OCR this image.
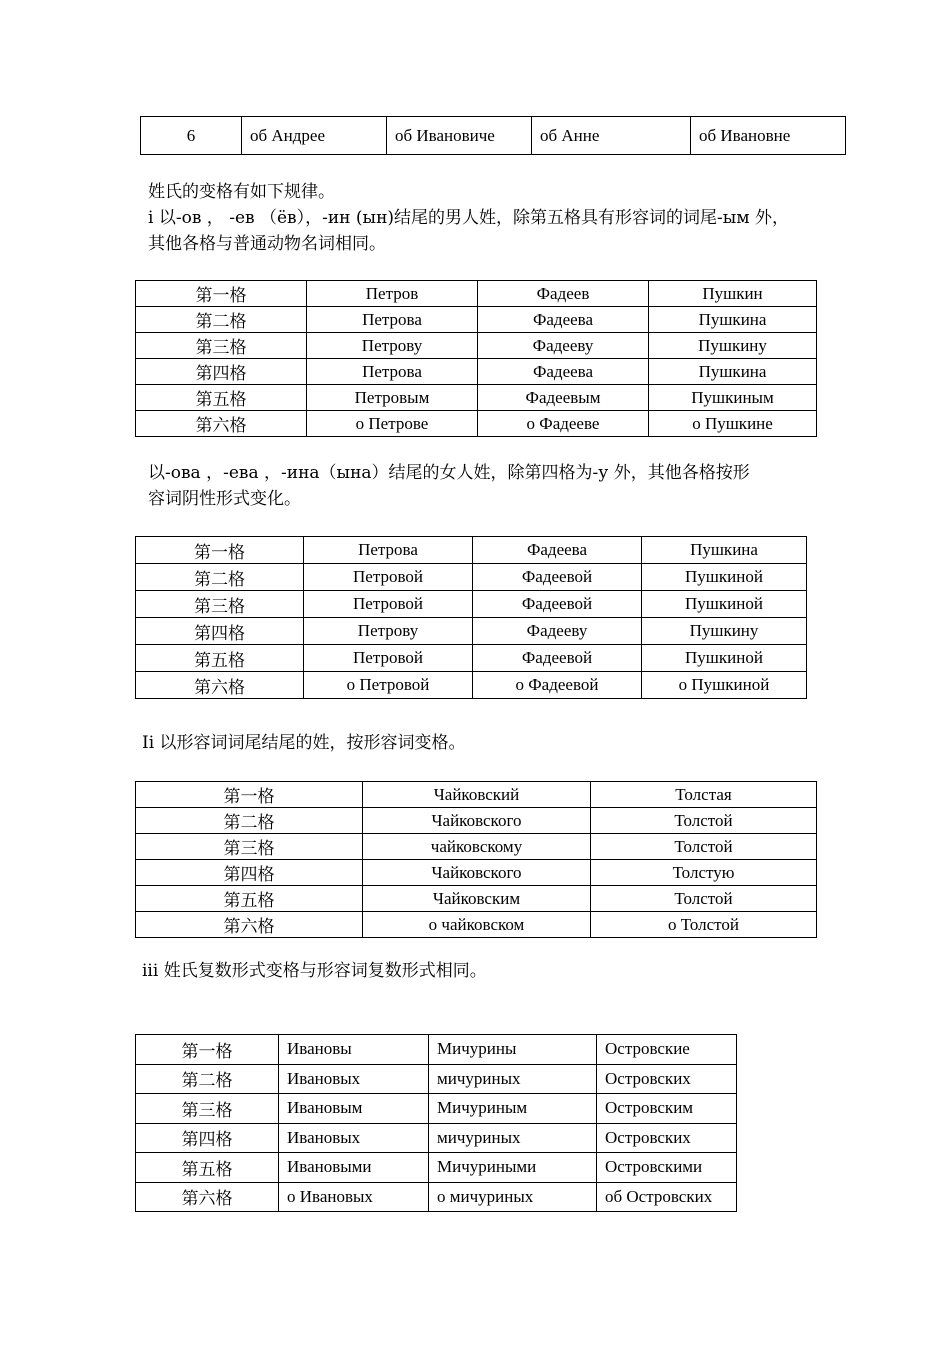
6	об Андрее	об Ивановиче	об Анне	об Ивановне
姓氏的变格有如下规律。
i 以-ов ， -ев （ёв），-ин (ын)结尾的男人姓，除第五格具有形容词的词尾-ым 外，
其他各格与普通动物名词相同。
第一格	Петров	Фадеев	Пушкин
第二格	Петрова	Фадеева	Пушкина
第三格	Петрову	Фадееву	Пушкину
第四格	Петрова	Фадеева	Пушкина
第五格	Петровым	Фадеевым	Пушкиным
第六格	о Петрове	о Фадееве	о Пушкине
以-ова ，-ева ，-ина（ына）结尾的女人姓，除第四格为-у 外，其他各格按形
容词阴性形式变化。
第一格	Петрова	Фадеева	Пушкина
第二格	Петровой	Фадеевой	Пушкиной
第三格	Петровой	Фадеевой	Пушкиной
第四格	Петрову	Фадееву	Пушкину
第五格	Петровой	Фадеевой	Пушкиной
第六格	о Петровой	о Фадеевой	о Пушкиной
Ii 以形容词词尾结尾的姓，按形容词变格。
第一格	Чайковский	Толстая
第二格	Чайковского	Толстой
第三格	чайковскому	Толстой
第四格	Чайковского	Толстую
第五格	Чайковским	Толстой
第六格	о чайковском	о Толстой
iii 姓氏复数形式变格与形容词复数形式相同。
第一格	Ивановы	Мичурины	Островские
第二格	Ивановых	мичуриных	Островских
第三格	Ивановым	Мичуриным	Островским
第四格	Ивановых	мичуриных	Островских
第五格	Ивановыми	Мичуриными	Островскими
第六格	о Ивановых	о мичуриных	об Островских
